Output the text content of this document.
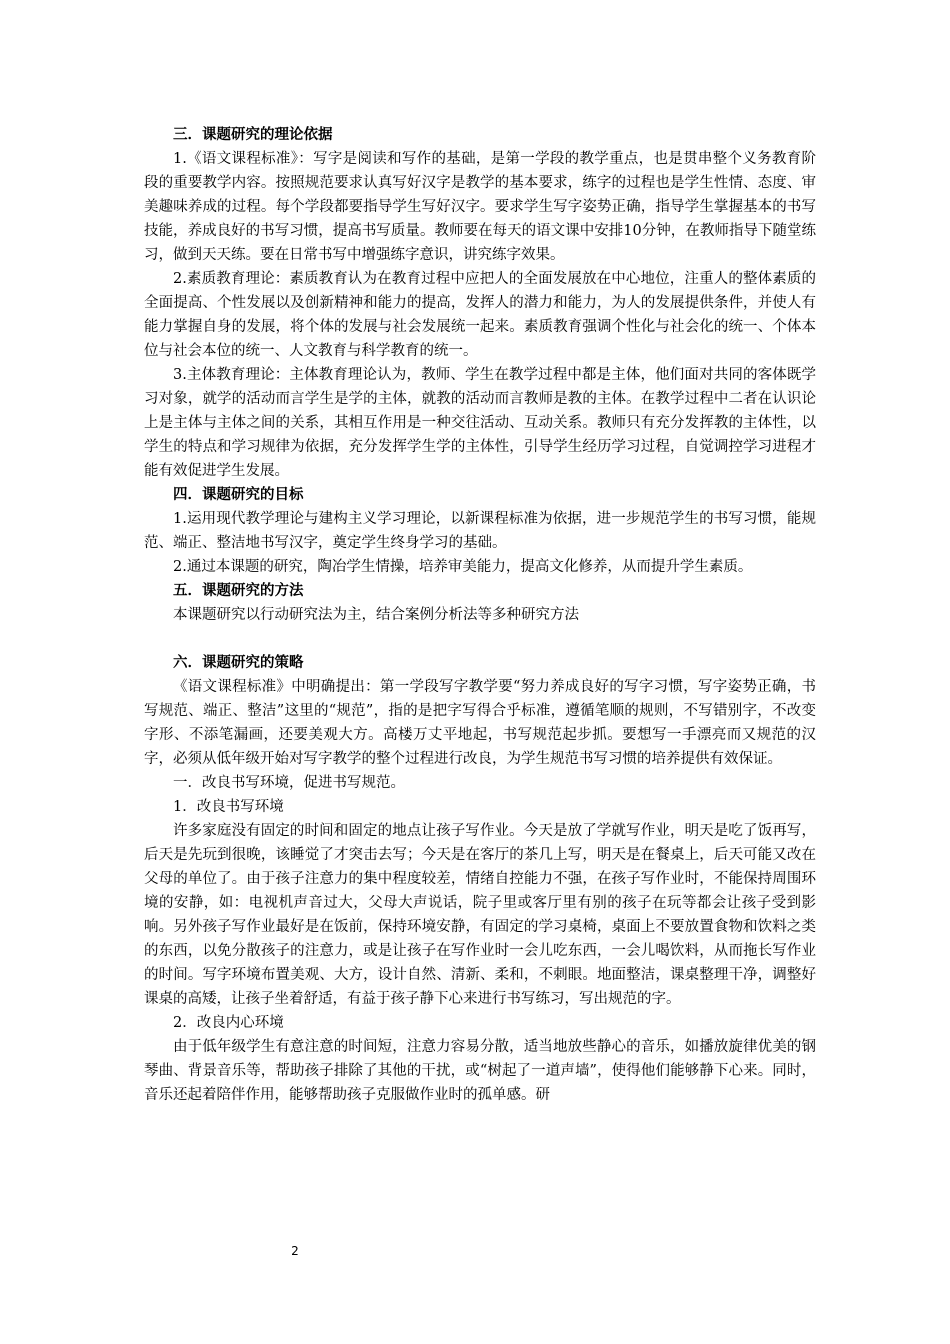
三．课题研究的理论依据

1.《语文课程标准》：写字是阅读和写作的基础，是第一学段的教学重点，也是贯串整个义务教育阶段的重要教学内容。按照规范要求认真写好汉字是教学的基本要求，练字的过程也是学生性情、态度、审美趣味养成的过程。每个学段都要指导学生写好汉字。要求学生写字姿势正确，指导学生掌握基本的书写技能，养成良好的书写习惯，提高书写质量。教师要在每天的语文课中安排10分钟，在教师指导下随堂练习，做到天天练。要在日常书写中增强练字意识，讲究练字效果。

2.素质教育理论：素质教育认为在教育过程中应把人的全面发展放在中心地位，注重人的整体素质的全面提高、个性发展以及创新精神和能力的提高，发挥人的潜力和能力，为人的发展提供条件，并使人有能力掌握自身的发展，将个体的发展与社会发展统一起来。素质教育强调个性化与社会化的统一、个体本位与社会本位的统一、人文教育与科学教育的统一。

3.主体教育理论：主体教育理论认为，教师、学生在教学过程中都是主体，他们面对共同的客体既学习对象，就学的活动而言学生是学的主体，就教的活动而言教师是教的主体。在教学过程中二者在认识论上是主体与主体之间的关系，其相互作用是一种交往活动、互动关系。教师只有充分发挥教的主体性，以学生的特点和学习规律为依据，充分发挥学生学的主体性，引导学生经历学习过程，自觉调控学习进程才能有效促进学生发展。

四．课题研究的目标

1.运用现代教学理论与建构主义学习理论，以新课程标准为依据，进一步规范学生的书写习惯，能规范、端正、整洁地书写汉字，奠定学生终身学习的基础。

2.通过本课题的研究，陶冶学生情操，培养审美能力，提高文化修养，从而提升学生素质。

五．课题研究的方法

本课题研究以行动研究法为主，结合案例分析法等多种研究方法

六．课题研究的策略

《语文课程标准》中明确提出：第一学段写字教学要“努力养成良好的写字习惯，写字姿势正确，书写规范、端正、整洁”这里的“规范”，指的是把字写得合乎标准，遵循笔顺的规则，不写错别字，不改变字形、不添笔漏画，还要美观大方。高楼万丈平地起，书写规范起步抓。要想写一手漂亮而又规范的汉字，必须从低年级开始对写字教学的整个过程进行改良，为学生规范书写习惯的培养提供有效保证。

一．改良书写环境，促进书写规范。

1．改良书写环境

许多家庭没有固定的时间和固定的地点让孩子写作业。今天是放了学就写作业，明天是吃了饭再写，后天是先玩到很晚，该睡觉了才突击去写；今天是在客厅的茶几上写，明天是在餐桌上，后天可能又改在父母的单位了。由于孩子注意力的集中程度较差，情绪自控能力不强，在孩子写作业时，不能保持周围环境的安静，如：电视机声音过大，父母大声说话，院子里或客厅里有别的孩子在玩等都会让孩子受到影响。另外孩子写作业最好是在饭前，保持环境安静，有固定的学习桌椅，桌面上不要放置食物和饮料之类的东西，以免分散孩子的注意力，或是让孩子在写作业时一会儿吃东西，一会儿喝饮料，从而拖长写作业的时间。写字环境布置美观、大方，设计自然、清新、柔和，不刺眼。地面整洁，课桌整理干净，调整好课桌的高矮，让孩子坐着舒适，有益于孩子静下心来进行书写练习，写出规范的字。

2．改良内心环境

由于低年级学生有意注意的时间短，注意力容易分散，适当地放些静心的音乐，如播放旋律优美的钢琴曲、背景音乐等，帮助孩子排除了其他的干扰，或“树起了一道声墙”，使得他们能够静下心来。同时，音乐还起着陪伴作用，能够帮助孩子克服做作业时的孤单感。研

2
